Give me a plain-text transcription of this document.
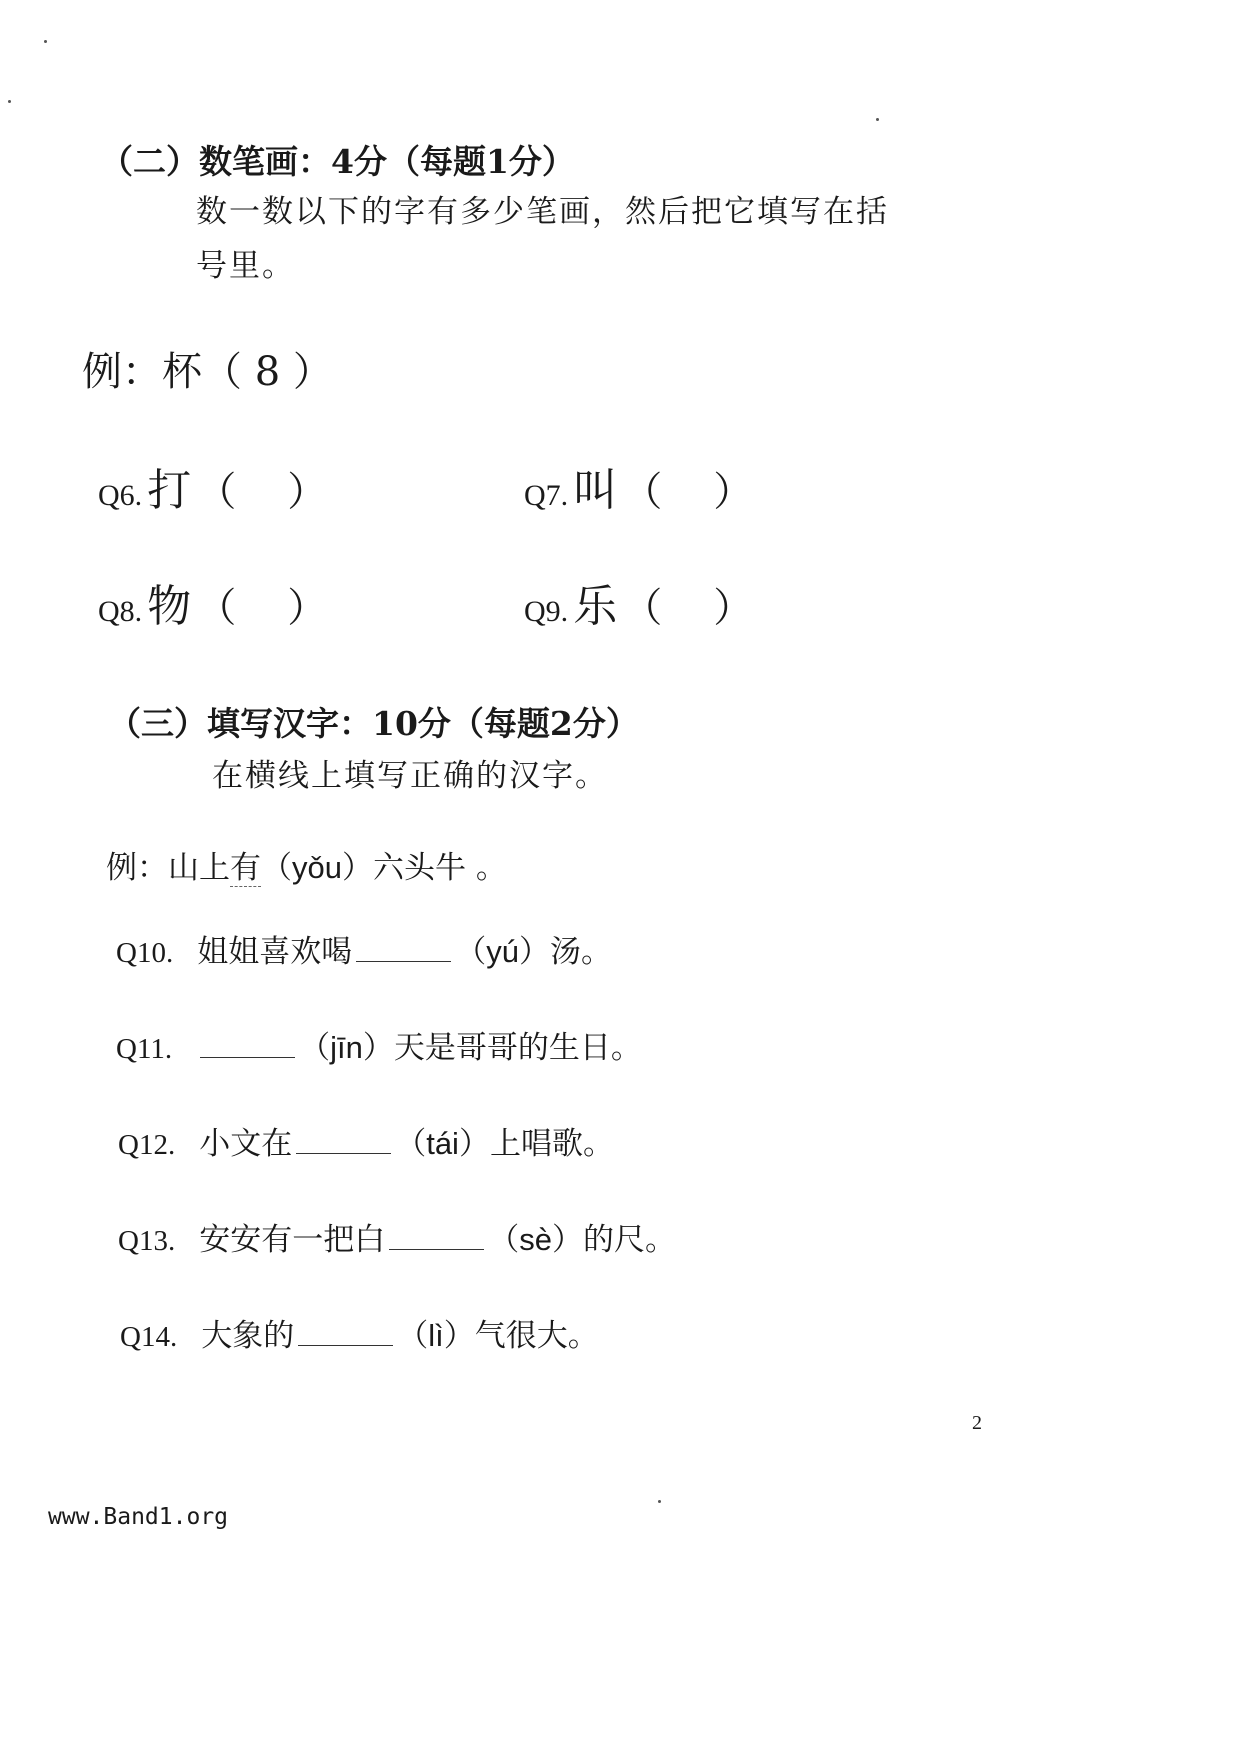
（二）数笔画：4分（每题1分）
数一数以下的字有多少笔画，然后把它填写在括
号里。
例：杯（ 8 ）
Q6. 打 （    ）	Q7. 叫 （    ）
Q8. 物 （    ）	Q9. 乐 （    ）
（三）填写汉字：10分（每题2分）
在横线上填写正确的汉字。
例：山上有（yǒu）六头牛 。
Q10. 姐姐喜欢喝	（yú）汤。
Q11.	（jīn）天是哥哥的生日。
Q12. 小文在	（tái）上唱歌。
Q13. 安安有一把白	（sè）的尺。
Q14. 大象的	（lì）气很大。
2
www.Band1.org
